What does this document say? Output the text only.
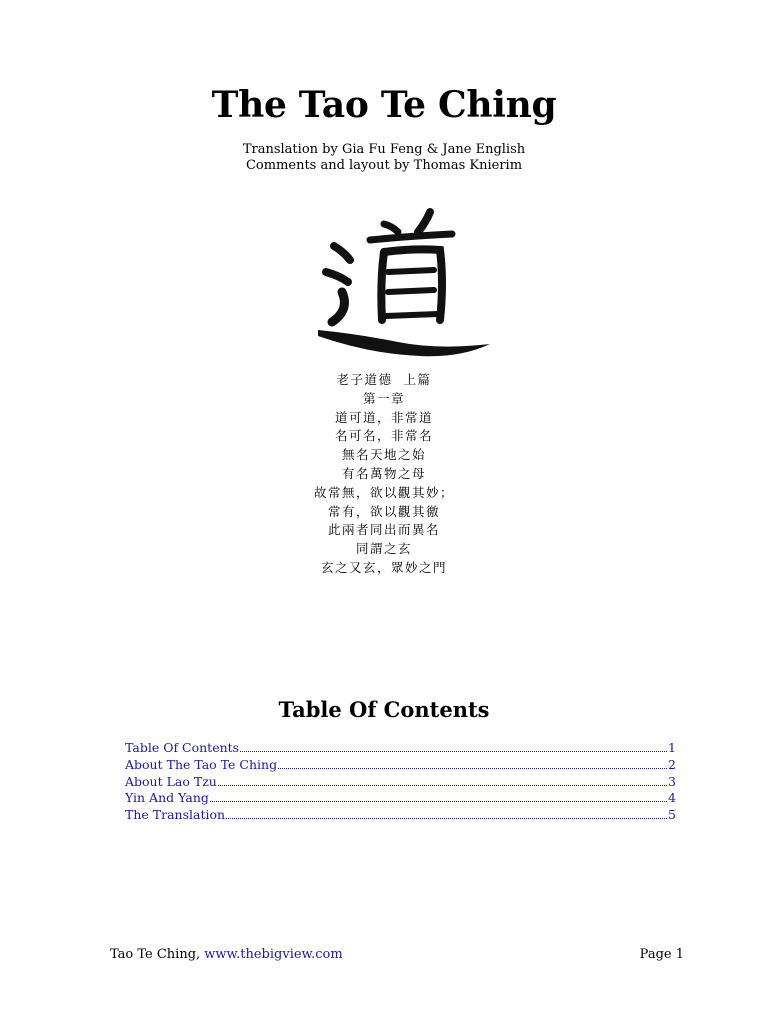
The Tao Te Ching
Translation by Gia Fu Feng & Jane English
Comments and layout by Thomas Knierim
老子道德  上篇
第一章
道可道，非常道
名可名，非常名
無名天地之始
有名萬物之母
故常無，欲以觀其妙；
常有，欲以觀其徼
此兩者同出而異名
同謂之玄
玄之又玄，眾妙之門
Table Of Contents
Table Of Contents	1
About The Tao Te Ching	2
About Lao Tzu	3
Yin And Yang	4
The Translation	5
Tao Te Ching, www.thebigview.com	Page 1
